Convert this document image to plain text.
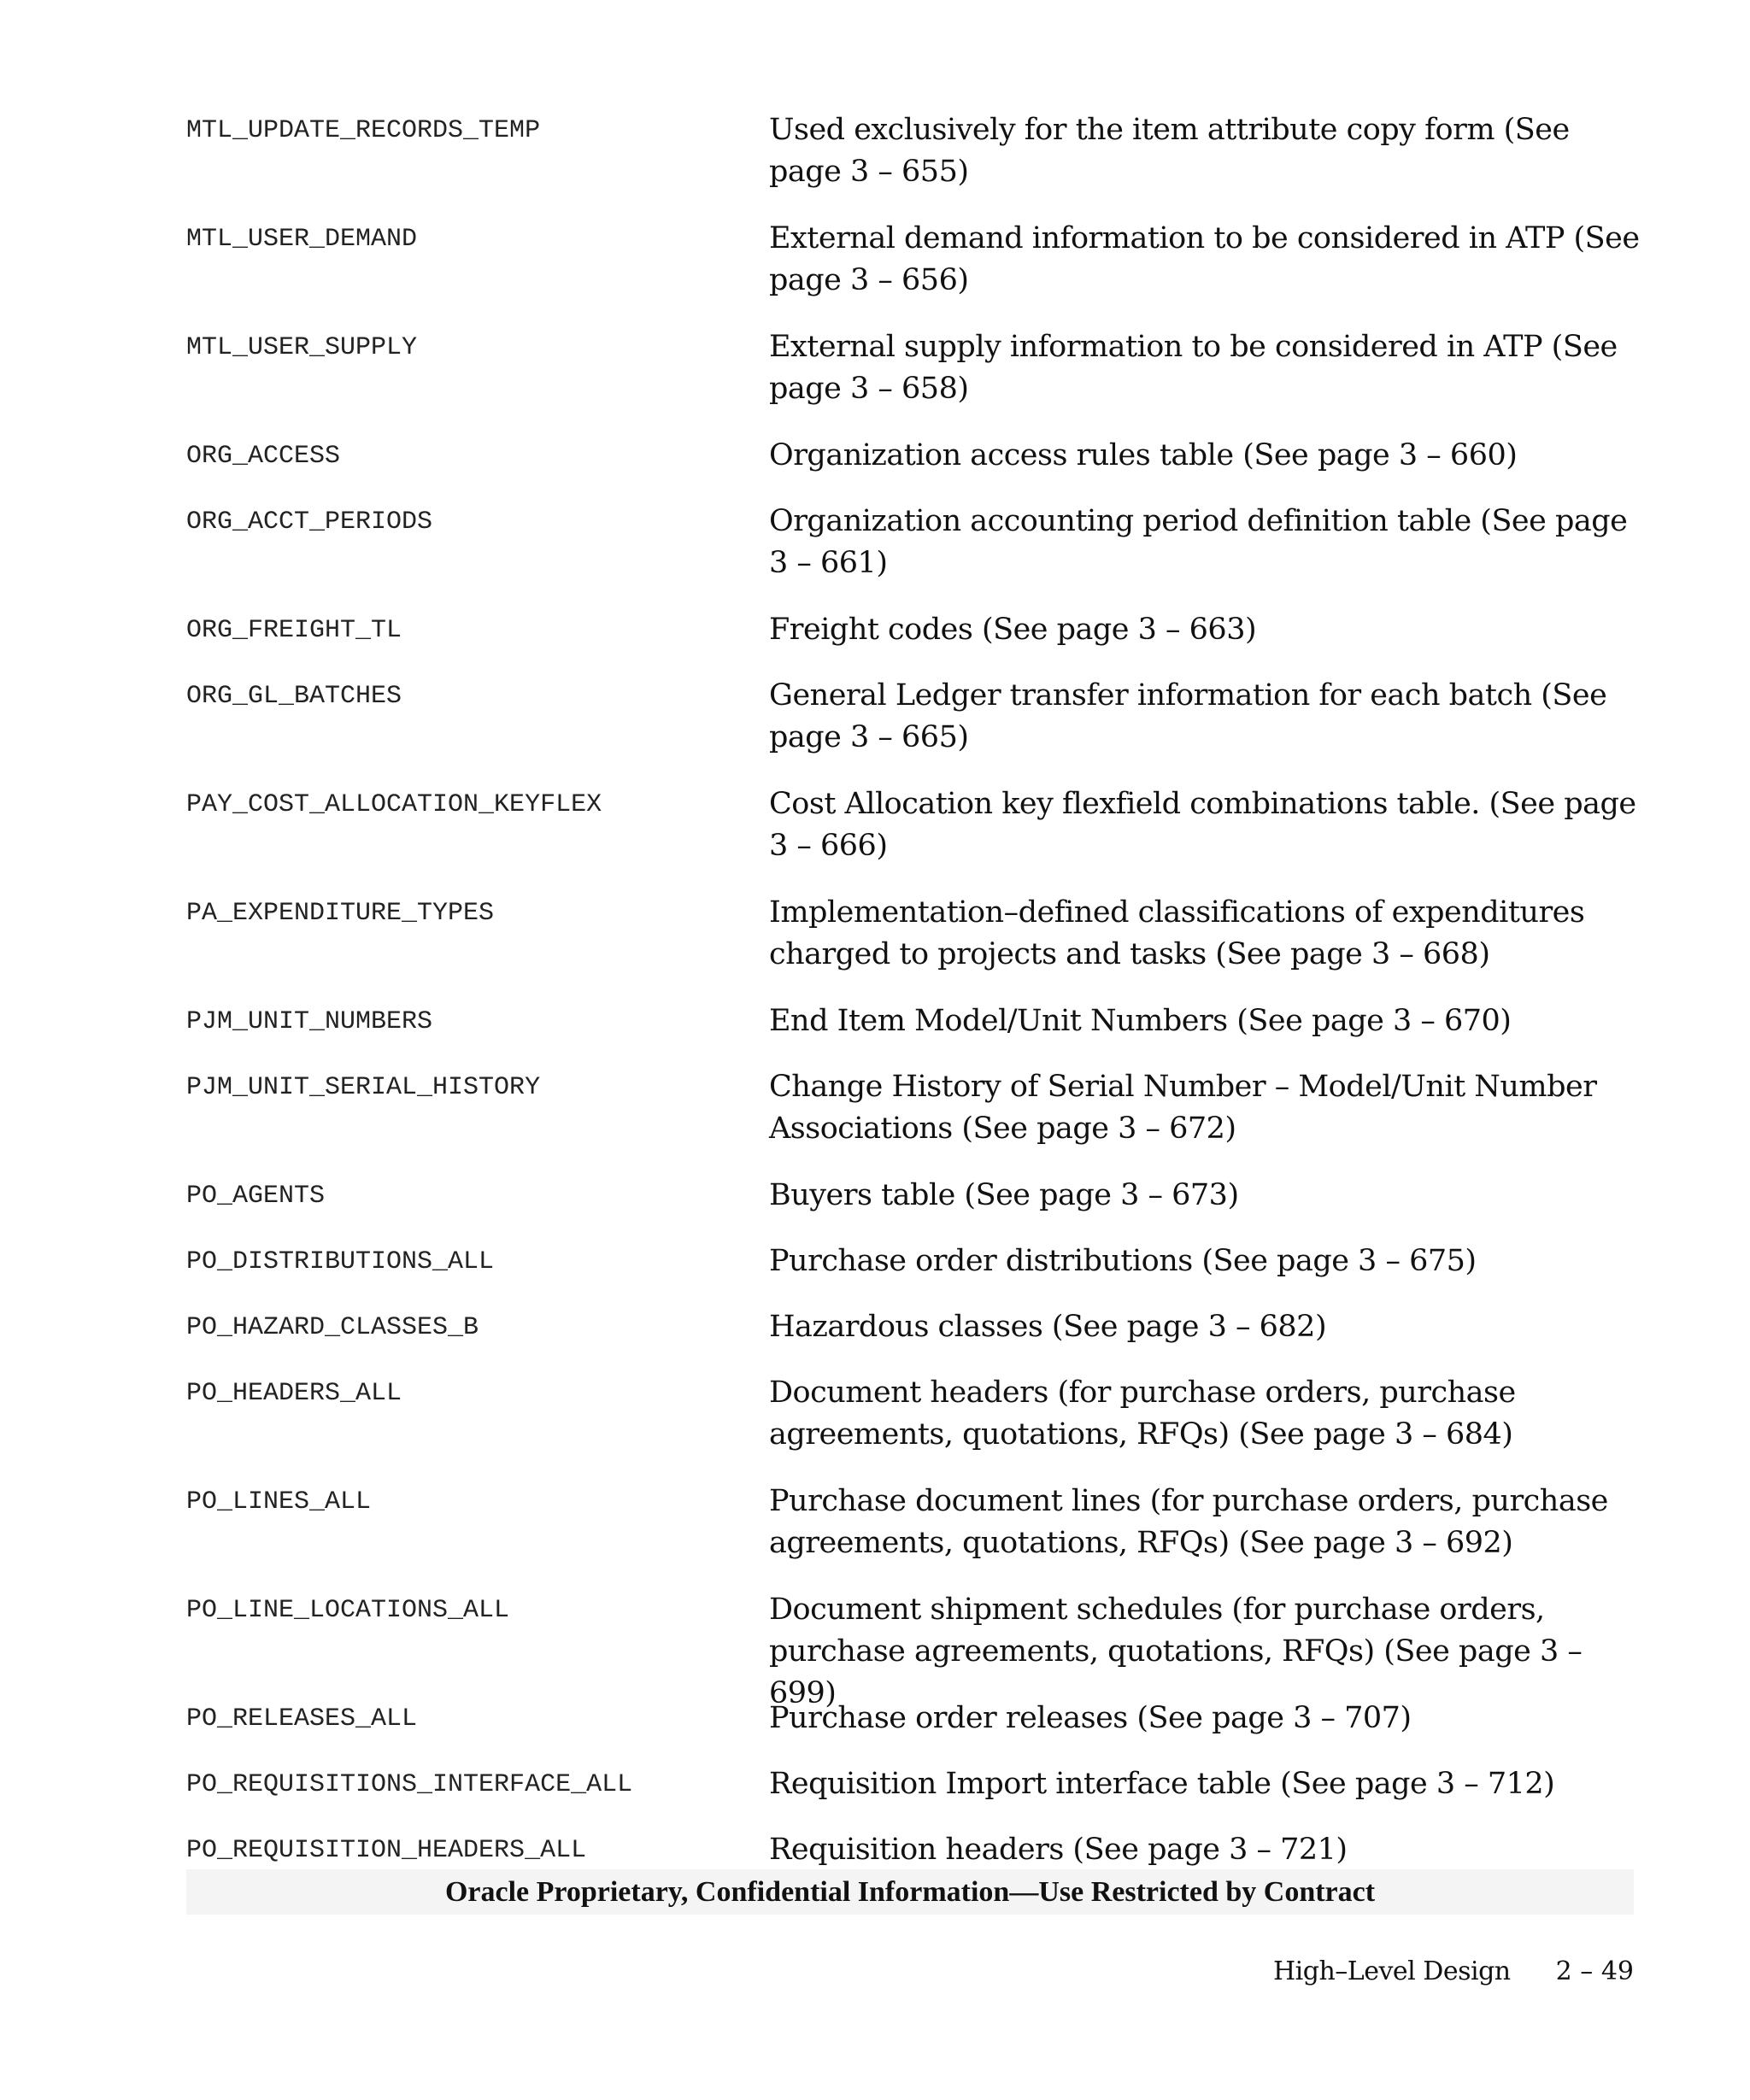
MTL_UPDATE_RECORDS_TEMP	Used exclusively for the item attribute copy form (See page 3 – 655)
MTL_USER_DEMAND	External demand information to be considered in ATP (See page 3 – 656)
MTL_USER_SUPPLY	External supply information to be considered in ATP (See page 3 – 658)
ORG_ACCESS	Organization access rules table (See page 3 – 660)
ORG_ACCT_PERIODS	Organization accounting period definition table (See page 3 – 661)
ORG_FREIGHT_TL	Freight codes (See page 3 – 663)
ORG_GL_BATCHES	General Ledger transfer information for each batch (See page 3 – 665)
PAY_COST_ALLOCATION_KEYFLEX	Cost Allocation key flexfield combinations table. (See page 3 – 666)
PA_EXPENDITURE_TYPES	Implementation–defined classifications of expenditures charged to projects and tasks (See page 3 – 668)
PJM_UNIT_NUMBERS	End Item Model/Unit Numbers (See page 3 – 670)
PJM_UNIT_SERIAL_HISTORY	Change History of Serial Number – Model/Unit Number Associations (See page 3 – 672)
PO_AGENTS	Buyers table (See page 3 – 673)
PO_DISTRIBUTIONS_ALL	Purchase order distributions (See page 3 – 675)
PO_HAZARD_CLASSES_B	Hazardous classes (See page 3 – 682)
PO_HEADERS_ALL	Document headers (for purchase orders, purchase agreements, quotations, RFQs) (See page 3 – 684)
PO_LINES_ALL	Purchase document lines (for purchase orders, purchase agreements, quotations, RFQs) (See page 3 – 692)
PO_LINE_LOCATIONS_ALL	Document shipment schedules (for purchase orders, purchase agreements, quotations, RFQs) (See page 3 – 699)
PO_RELEASES_ALL	Purchase order releases (See page 3 – 707)
PO_REQUISITIONS_INTERFACE_ALL	Requisition Import interface table (See page 3 – 712)
PO_REQUISITION_HEADERS_ALL	Requisition headers (See page 3 – 721)
Oracle Proprietary, Confidential Information––Use Restricted by Contract
High–Level Design 2 – 49
